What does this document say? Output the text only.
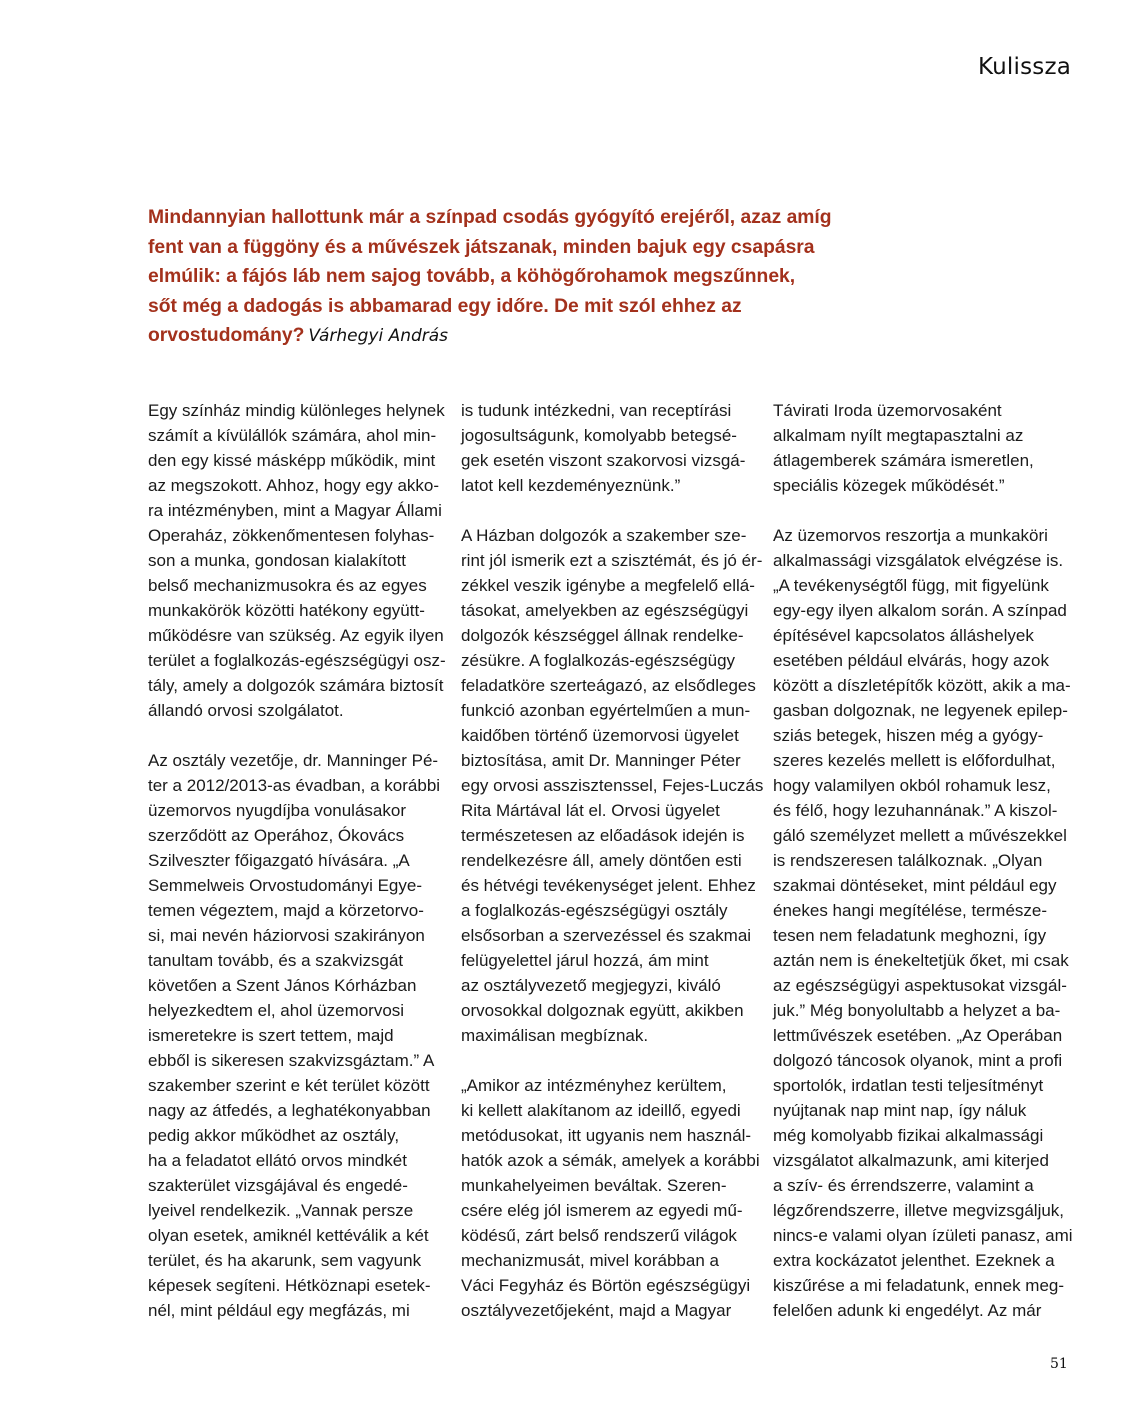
Kulissza
Mindannyian hallottunk már a színpad csodás gyógyító erejéről, azaz amíg
fent van a függöny és a művészek játszanak, minden bajuk egy csapásra
elmúlik: a fájós láb nem sajog tovább, a köhögőrohamok megszűnnek,
sőt még a dadogás is abbamarad egy időre. De mit szól ehhez az
orvostudomány? Várhegyi András
Egy színház mindig különleges helynek
számít a kívülállók számára, ahol min-
den egy kissé másképp működik, mint
az megszokott. Ahhoz, hogy egy akko-
ra intézményben, mint a Magyar Állami
Operaház, zökkenőmentesen folyhas-
son a munka, gondosan kialakított
belső mechanizmusokra és az egyes
munkakörök közötti hatékony együtt-
működésre van szükség. Az egyik ilyen
terület a foglalkozás-egészségügyi osz-
tály, amely a dolgozók számára biztosít
állandó orvosi szolgálatot.
Az osztály vezetője, dr. Manninger Pé-
ter a 2012/2013-as évadban, a korábbi
üzemorvos nyugdíjba vonulásakor
szerződött az Operához, Ókovács
Szilveszter főigazgató hívására. „A
Semmelweis Orvostudományi Egye-
temen végeztem, majd a körzetorvo-
si, mai nevén háziorvosi szakirányon
tanultam tovább, és a szakvizsgát
követően a Szent János Kórházban
helyezkedtem el, ahol üzemorvosi
ismeretekre is szert tettem, majd
ebből is sikeresen szakvizsgáztam.” A
szakember szerint e két terület között
nagy az átfedés, a leghatékonyabban
pedig akkor működhet az osztály,
ha a feladatot ellátó orvos mindkét
szakterület vizsgájával és engedé-
lyeivel rendelkezik. „Vannak persze
olyan esetek, amiknél kettéválik a két
terület, és ha akarunk, sem vagyunk
képesek segíteni. Hétköznapi esetek-
nél, mint például egy megfázás, mi
is tudunk intézkedni, van receptírási
jogosultságunk, komolyabb betegsé-
gek esetén viszont szakorvosi vizsgá-
latot kell kezdeményeznünk.”
A Házban dolgozók a szakember sze-
rint jól ismerik ezt a szisztémát, és jó ér-
zékkel veszik igénybe a megfelelő ellá-
tásokat, amelyekben az egészségügyi
dolgozók készséggel állnak rendelke-
zésükre. A foglalkozás-egészségügy
feladatköre szerteágazó, az elsődleges
funkció azonban egyértelműen a mun-
kaidőben történő üzemorvosi ügyelet
biztosítása, amit Dr. Manninger Péter
egy orvosi asszisztenssel, Fejes-Luczás
Rita Mártával lát el. Orvosi ügyelet
természetesen az előadások idején is
rendelkezésre áll, amely döntően esti
és hétvégi tevékenységet jelent. Ehhez
a foglalkozás-egészségügyi osztály
elsősorban a szervezéssel és szakmai
felügyelettel járul hozzá, ám mint
az osztályvezető megjegyzi, kiváló
orvosokkal dolgoznak együtt, akikben
maximálisan megbíznak.
„Amikor az intézményhez kerültem,
ki kellett alakítanom az ideillő, egyedi
metódusokat, itt ugyanis nem használ-
hatók azok a sémák, amelyek a korábbi
munkahelyeimen beváltak. Szeren-
csére elég jól ismerem az egyedi mű-
ködésű, zárt belső rendszerű világok
mechanizmusát, mivel korábban a
Váci Fegyház és Börtön egészségügyi
osztályvezetőjeként, majd a Magyar
Távirati Iroda üzemorvosaként
alkalmam nyílt megtapasztalni az
átlagemberek számára ismeretlen,
speciális közegek működését.”
Az üzemorvos reszortja a munkaköri
alkalmassági vizsgálatok elvégzése is.
„A tevékenységtől függ, mit figyelünk
egy-egy ilyen alkalom során. A színpad
építésével kapcsolatos álláshelyek
esetében például elvárás, hogy azok
között a díszletépítők között, akik a ma-
gasban dolgoznak, ne legyenek epilep-
sziás betegek, hiszen még a gyógy-
szeres kezelés mellett is előfordulhat,
hogy valamilyen okból rohamuk lesz,
és félő, hogy lezuhannának.” A kiszol-
gáló személyzet mellett a művészekkel
is rendszeresen találkoznak. „Olyan
szakmai döntéseket, mint például egy
énekes hangi megítélése, természe-
tesen nem feladatunk meghozni, így
aztán nem is énekeltetjük őket, mi csak
az egészségügyi aspektusokat vizsgál-
juk.” Még bonyolultabb a helyzet a ba-
lettművészek esetében. „Az Operában
dolgozó táncosok olyanok, mint a profi
sportolók, irdatlan testi teljesítményt
nyújtanak nap mint nap, így náluk
még komolyabb fizikai alkalmassági
vizsgálatot alkalmazunk, ami kiterjed
a szív- és érrendszerre, valamint a
légzőrendszerre, illetve megvizsgáljuk,
nincs-e valami olyan ízületi panasz, ami
extra kockázatot jelenthet. Ezeknek a
kiszűrése a mi feladatunk, ennek meg-
felelően adunk ki engedélyt. Az már
51
